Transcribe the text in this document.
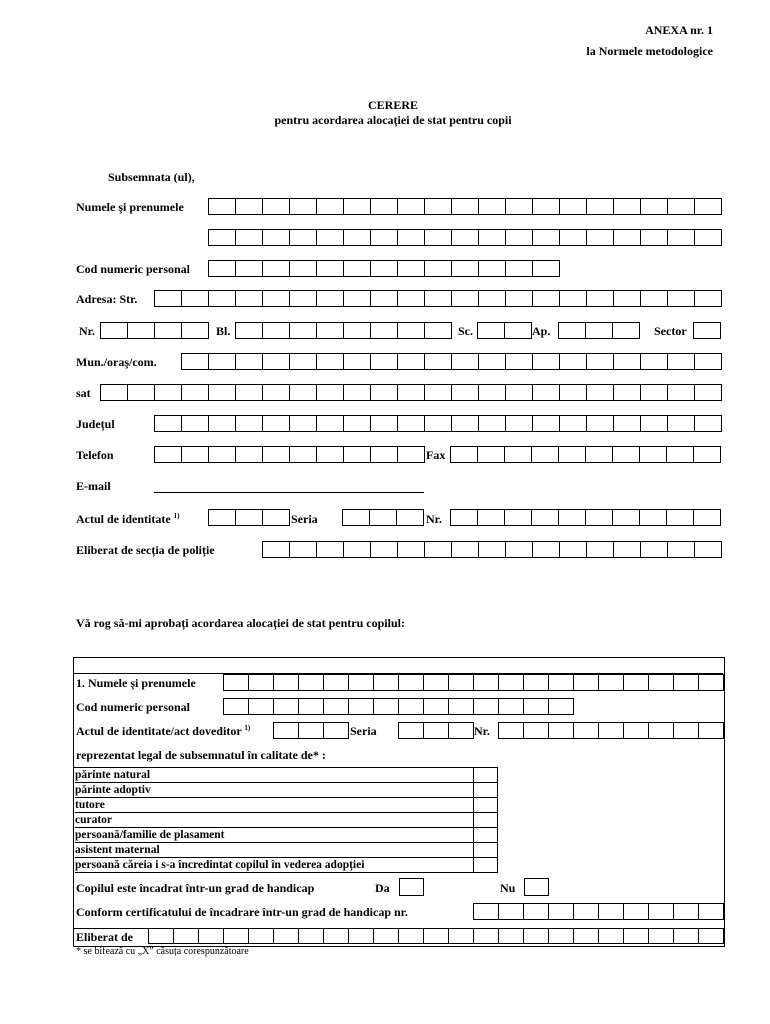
ANEXA nr. 1
la Normele metodologice
CERERE
pentru acordarea alocației de stat pentru copii
Subsemnata (ul),
Numele şi prenumele
Cod numeric personal
Adresa: Str.
Nr.	Bl.	Sc.	Ap.	Sector
Mun./oraş/com.
sat
Județul
Telefon	Fax
E-mail
Actul de identitate $^{1)}$	Seria	Nr.
Eliberat de secția de poliție
Vă rog să-mi aprobați acordarea alocației de stat pentru copilul:
1. Numele şi prenumele
Cod numeric personal
Actul de identitate/act doveditor $^{1)}$	Seria	Nr.
reprezentat legal de subsemnatul în calitate de* :
părinte natural
părinte adoptiv
tutore
curator
persoană/familie de plasament
asistent maternal
persoană căreia i s-a încredintat copilul în vederea adopției
Copilul este încadrat într-un grad de handicap	Da	Nu
Conform certificatului de încadrare într-un grad de handicap nr.
Eliberat de
* se bifează cu „X” căsuța corespunzătoare
